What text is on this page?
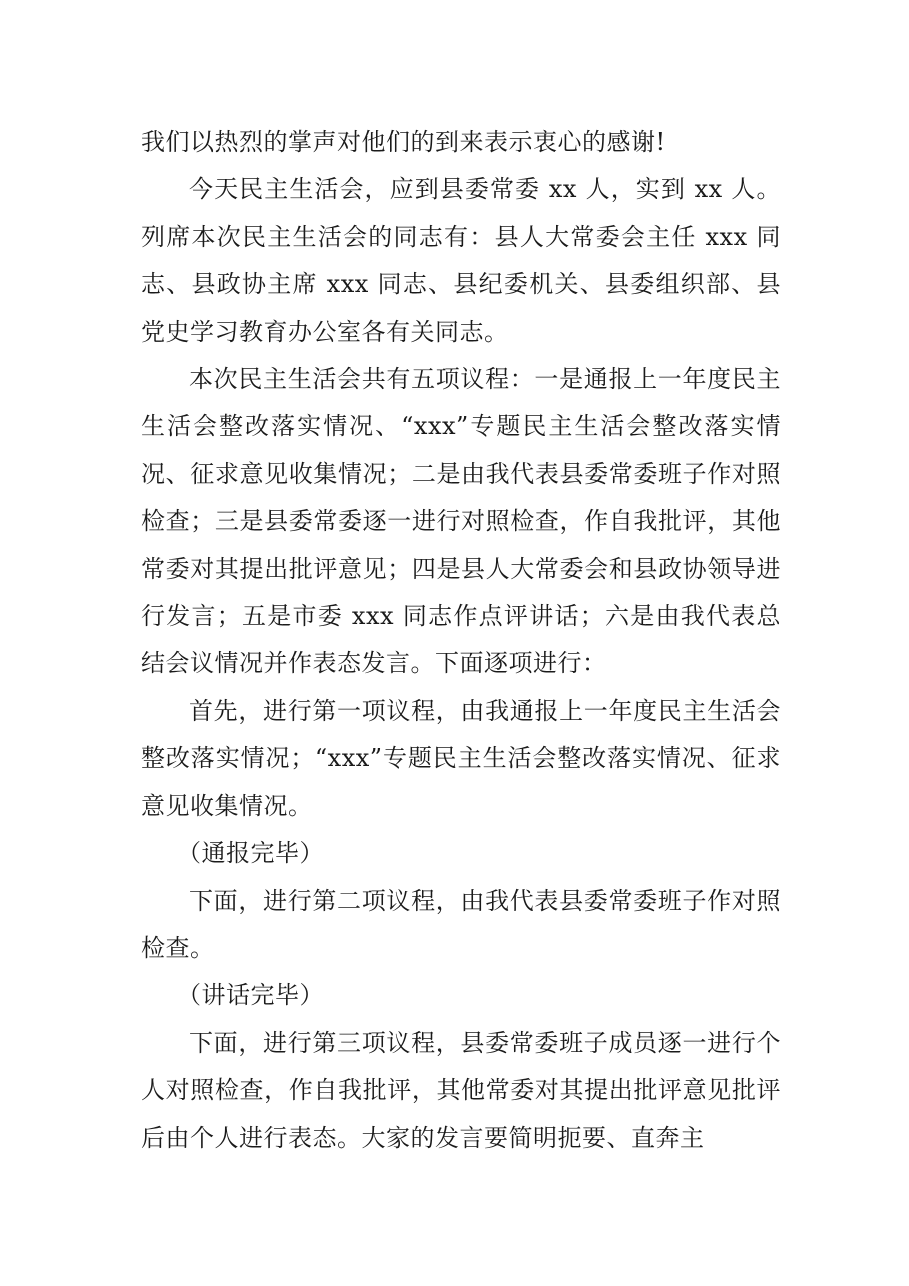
我们以热烈的掌声对他们的到来表示衷心的感谢!

今天民主生活会，应到县委常委 xx 人，实到 xx 人。列席本次民主生活会的同志有：县人大常委会主任 xxx 同志、县政协主席 xxx 同志、县纪委机关、县委组织部、县党史学习教育办公室各有关同志。

本次民主生活会共有五项议程：一是通报上一年度民主生活会整改落实情况、“xxx”专题民主生活会整改落实情况、征求意见收集情况；二是由我代表县委常委班子作对照检查；三是县委常委逐一进行对照检查，作自我批评，其他常委对其提出批评意见；四是县人大常委会和县政协领导进行发言；五是市委 xxx 同志作点评讲话；六是由我代表总结会议情况并作表态发言。下面逐项进行：

首先，进行第一项议程，由我通报上一年度民主生活会整改落实情况；“xxx”专题民主生活会整改落实情况、征求意见收集情况。

（通报完毕）

下面，进行第二项议程，由我代表县委常委班子作对照检查。

（讲话完毕）

下面，进行第三项议程，县委常委班子成员逐一进行个人对照检查，作自我批评，其他常委对其提出批评意见批评后由个人进行表态。大家的发言要简明扼要、直奔主
